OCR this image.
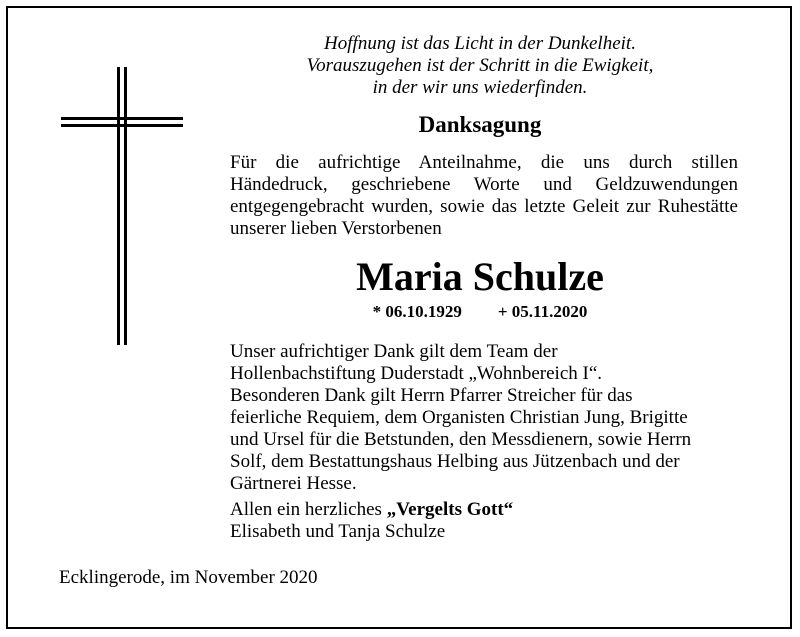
Hoffnung ist das Licht in der Dunkelheit.
Vorauszugehen ist der Schritt in die Ewigkeit,
in der wir uns wiederfinden.
Danksagung

Für die aufrichtige Anteilnahme, die uns durch stillen Händedruck, geschriebene Worte und Geldzuwendungen entgegengebracht wurden, sowie das letzte Geleit zur Ruhestätte unserer lieben Verstorbenen

Maria Schulze
* 06.10.1929 + 05.11.2020
Unser aufrichtiger Dank gilt dem Team der
Hollenbachstiftung Duderstadt „Wohnbereich I“.
Besonderen Dank gilt Herrn Pfarrer Streicher für das
feierliche Requiem, dem Organisten Christian Jung, Brigitte
und Ursel für die Betstunden, den Messdienern, sowie Herrn
Solf, dem Bestattungshaus Helbing aus Jützenbach und der
Gärtnerei Hesse.
Allen ein herzliches „Vergelts Gott“
Elisabeth und Tanja Schulze
Ecklingerode, im November 2020
